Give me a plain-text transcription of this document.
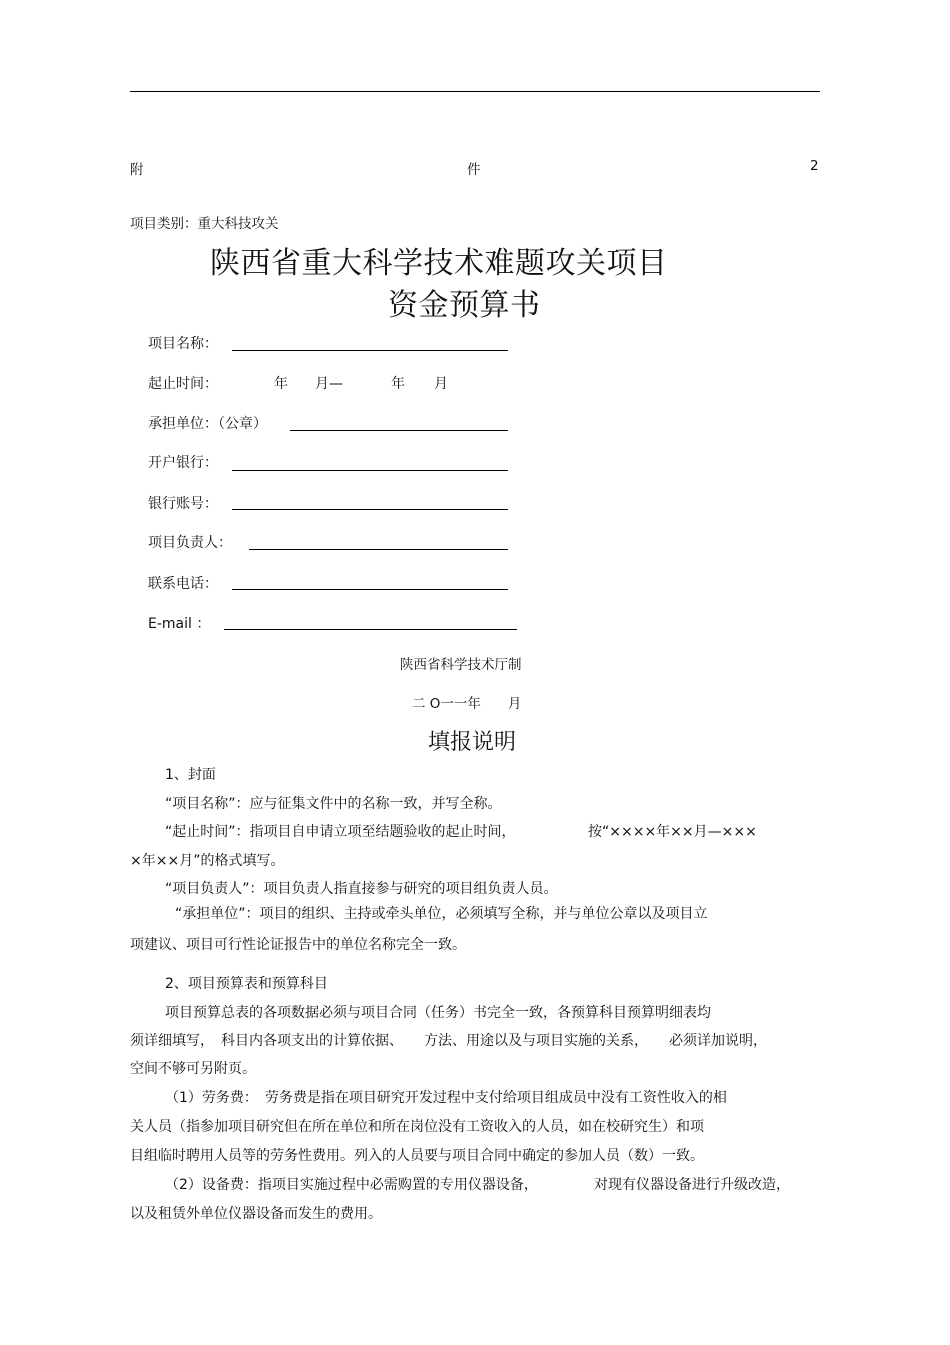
附	件	2
项目类别：重大科技攻关
陕西省重大科学技术难题攻关项目
资金预算书
项目名称：
起止时间：	年 月—	年 月
承担单位：（公章）
开户银行：
银行账号：
项目负责人：
联系电话：
E-mail ：
陕西省科学技术厅制
二 O一一年　　月
填报说明
1、封面
“项目名称”：应与征集文件中的名称一致，并写全称。
“起止时间”：指项目自申请立项至结题验收的起止时间，	按“××××年××月—×××
×年××月”的格式填写。
“项目负责人”：项目负责人指直接参与研究的项目组负责人员。
“承担单位”：项目的组织、主持或牵头单位，必须填写全称，并与单位公章以及项目立
项建议、项目可行性论证报告中的单位名称完全一致。
2、项目预算表和预算科目
项目预算总表的各项数据必须与项目合同（任务）书完全一致，各预算科目预算明细表均
须详细填写，　科目内各项支出的计算依据、　　方法、用途以及与项目实施的关系，　　必须详加说明，
空间不够可另附页。
（1）劳务费：　劳务费是指在项目研究开发过程中支付给项目组成员中没有工资性收入的相
关人员（指参加项目研究但在所在单位和所在岗位没有工资收入的人员，如在校研究生）和项
目组临时聘用人员等的劳务性费用。列入的人员要与项目合同中确定的参加人员（数）一致。
（2）设备费：指项目实施过程中必需购置的专用仪器设备，	对现有仪器设备进行升级改造，
以及租赁外单位仪器设备而发生的费用。
